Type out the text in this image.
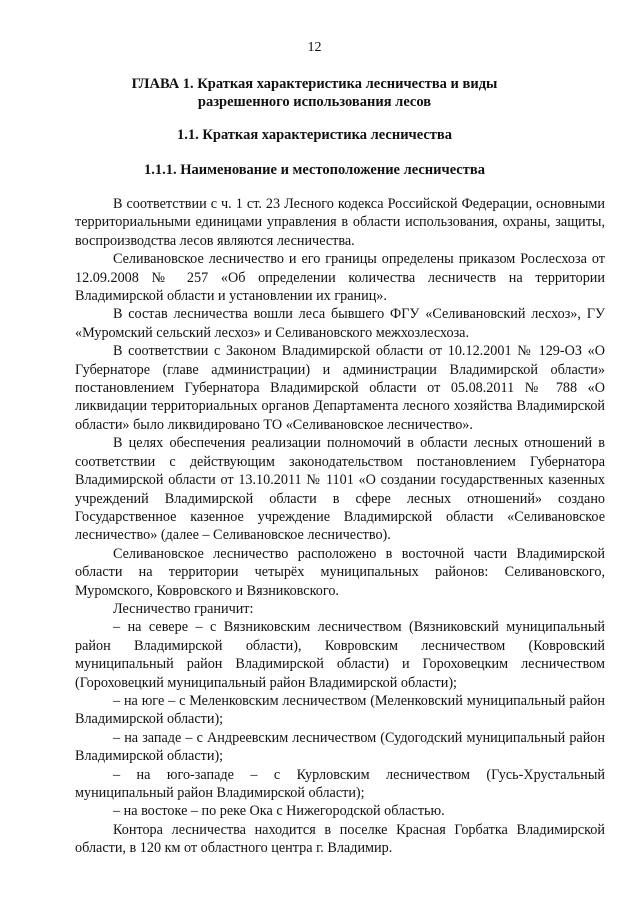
12
ГЛАВА 1. Краткая характеристика лесничества и виды
разрешенного использования лесов
1.1. Краткая характеристика лесничества
1.1.1. Наименование и местоположение лесничества

В соответствии с ч. 1 ст. 23 Лесного кодекса Российской Федерации, основными территориальными единицами управления в области использования, охраны, защиты, воспроизводства лесов являются лесничества.

Селивановское лесничество и его границы определены приказом Рослесхоза от 12.09.2008 № 257 «Об определении количества лесничеств на территории Владимирской области и установлении их границ».

В состав лесничества вошли леса бывшего ФГУ «Селивановский лесхоз», ГУ «Муромский сельский лесхоз» и Селивановского межхозлесхоза.

В соответствии с Законом Владимирской области от 10.12.2001 № 129-ОЗ «О Губернаторе (главе администрации) и администрации Владимирской области» постановлением Губернатора Владимирской области от 05.08.2011 № 788 «О ликвидации территориальных органов Департамента лесного хозяйства Владимирской области» было ликвидировано ТО «Селивановское лесничество».

В целях обеспечения реализации полномочий в области лесных отношений в соответствии с действующим законодательством постановлением Губернатора Владимирской области от 13.10.2011 № 1101 «О создании государственных казенных учреждений Владимирской области в сфере лесных отношений» создано Государственное казенное учреждение Владимирской области «Селивановское лесничество» (далее – Селивановское лесничество).

Селивановское лесничество расположено в восточной части Владимирской области на территории четырёх муниципальных районов: Селивановского, Муромского, Ковровского и Вязниковского.

Лесничество граничит:

– на севере – с Вязниковским лесничеством (Вязниковский муниципальный район Владимирской области), Ковровским лесничеством (Ковровский муниципальный район Владимирской области) и Гороховецким лесничеством (Гороховецкий муниципальный район Владимирской области);

– на юге – с Меленковским лесничеством (Меленковский муниципальный район Владимирской области);

– на западе – с Андреевским лесничеством (Судогодский муниципальный район Владимирской области);

– на юго-западе – с Курловским лесничеством (Гусь-Хрустальный муниципальный район Владимирской области);

– на востоке – по реке Ока с Нижегородской областью.

Контора лесничества находится в поселке Красная Горбатка Владимирской области, в 120 км от областного центра г. Владимир.
